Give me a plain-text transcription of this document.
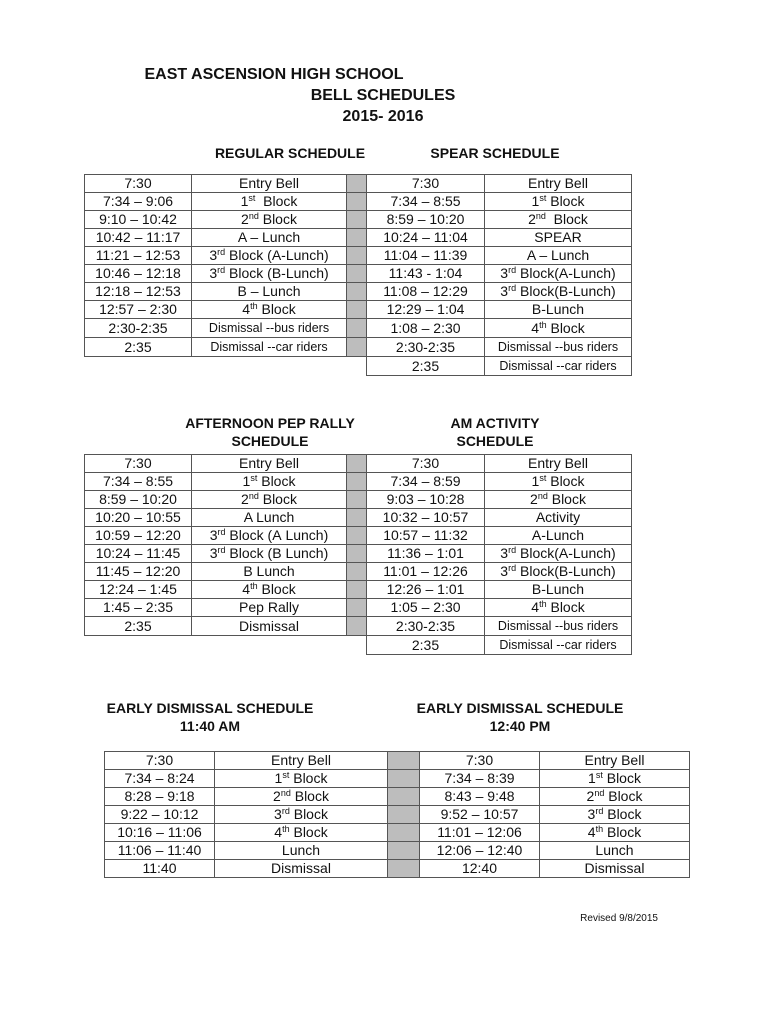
EAST ASCENSION HIGH SCHOOL
BELL SCHEDULES
2015- 2016
REGULAR SCHEDULE	SPEAR SCHEDULE
7:30	Entry Bell		7:30	Entry Bell
7:34 – 9:06	1st  Block		7:34 – 8:55	1st Block
9:10 – 10:42	2nd Block		8:59 – 10:20	2nd  Block
10:42 – 11:17	A – Lunch		10:24 – 11:04	SPEAR
11:21 – 12:53	3rd Block (A-Lunch)		11:04 – 11:39	A – Lunch
10:46 – 12:18	3rd Block (B-Lunch)		11:43 - 1:04	3rd Block(A-Lunch)
12:18 – 12:53	B – Lunch		11:08 – 12:29	3rd Block(B-Lunch)
12:57 – 2:30	4th Block		12:29 – 1:04	B-Lunch
2:30-2:35	Dismissal --bus riders		1:08 – 2:30	4th Block
2:35	Dismissal --car riders		2:30-2:35	Dismissal --bus riders
			2:35	Dismissal --car riders
AFTERNOON PEP RALLY
SCHEDULE
AM ACTIVITY
SCHEDULE
7:30	Entry Bell		7:30	Entry Bell
7:34 – 8:55	1st Block		7:34 – 8:59	1st Block
8:59 – 10:20	2nd Block		9:03 – 10:28	2nd Block
10:20 – 10:55	A Lunch		10:32 – 10:57	Activity
10:59 – 12:20	3rd Block (A Lunch)		10:57 – 11:32	A-Lunch
10:24 – 11:45	3rd Block (B Lunch)		11:36 – 1:01	3rd Block(A-Lunch)
11:45 – 12:20	B Lunch		11:01 – 12:26	3rd Block(B-Lunch)
12:24 – 1:45	4th Block		12:26 – 1:01	B-Lunch
1:45 – 2:35	Pep Rally		1:05 – 2:30	4th Block
2:35	Dismissal		2:30-2:35	Dismissal --bus riders
			2:35	Dismissal --car riders
EARLY DISMISSAL SCHEDULE
11:40 AM
EARLY DISMISSAL SCHEDULE
12:40 PM
7:30	Entry Bell		7:30	Entry Bell
7:34 – 8:24	1st Block		7:34 – 8:39	1st Block
8:28 – 9:18	2nd Block		8:43 – 9:48	2nd Block
9:22 – 10:12	3rd Block		9:52 – 10:57	3rd Block
10:16 – 11:06	4th Block		11:01 – 12:06	4th Block
11:06 – 11:40	Lunch		12:06 – 12:40	Lunch
11:40	Dismissal		12:40	Dismissal
Revised 9/8/2015
